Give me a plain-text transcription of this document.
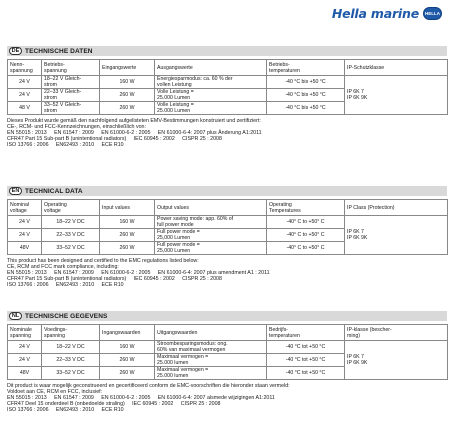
Hella marine	HELLA
DE TECHNISCHE DATEN
Nenn-
spannung	Betriebs-
spannung	Eingangswerte	Ausgangswerte	Betriebs-
temperaturen	IP-Schutzklasse
24 V	18–22 V Gleich-
strom	160 W	Energiesparmodus: ca. 60 % der
vollen Leistung	-40 °C bis +50 °C	IP 6K 7
IP 6K 9K
24 V	22–33 V Gleich-
strom	260 W	Volle Leistung =
25.000 Lumen	-40 °C bis +50 °C	
48 V	33–52 V Gleich-
strom	260 W	Volle Leistung =
25.000 Lumen	-40 °C bis +50 °C	
Dieses Produkt wurde gemäß den nachfolgend aufgelisteten EMV-Bestimmungen konstruiert und zertifiziert:
CE-, RCM- und FCC-Kennzeichnungen, einschließlich von:
EN 55015 : 2013     EN 61547 : 2009     EN 61000-6-2 : 2005     EN 61000-6-4: 2007 plus Änderung A1:2011
CFR47 Part 15 Sub-part B (unintentional radiators)     IEC 60945 : 2002     CISPR 25 : 2008
ISO 13766 : 2006     EN62493 : 2010     ECE R10
EN TECHNICAL DATA
Nominal
voltage	Operating
voltage	Input values	Output values	Operating
Temperatures	IP Class (Protection)
24 V	18–22 V DC	160 W	Power saving mode: app. 60% of
full power mode	-40° C to +50° C	IP 6K 7
IP 6K 9K
24 V	22–33 V DC	260 W	Full power mode =
25,000 Lumen	-40° C to +50° C	
48V	33–52 V DC	260 W	Full power mode =
25,000 Lumen	-40° C to +50° C	
This product has been designed and certified to the EMC regulations listed below:
CE, RCM and FCC mark compliance, including:
EN 55015 : 2013     EN 61547 : 2009     EN 61000-6-2 : 2005     EN 61000-6-4: 2007 plus amendment A1 : 2011
CFR47 Part 15 Sub-part B (unintentional radiators)     IEC 60945 : 2002     CISPR 25 : 2008
ISO 13766 : 2006     EN62493 : 2010     ECE R10
NL TECHNISCHE GEGEVENS
Nominale
spanning	Voedings-
spanning	Ingangswaarden	Uitgangswaarden	Bedrijfs-
temperaturen	IP-klasse (bescher-
ming)
24 V	18–22 V DC	160 W	Stroombesparingsmodus: ong.
60% van maximaal vermogen	-40 °C tot +50 °C	IP 6K 7
IP 6K 9K
24 V	22–33 V DC	260 W	Maximaal vermogen =
25.000 lumen	-40 °C tot +50 °C	
48V	33–52 V DC	260 W	Maximaal vermogen =
25.000 lumen	-40 °C tot +50 °C	
Dit product is waar mogelijk geconstrueerd en gecertificeerd conform de EMC-voorschriften die hieronder staan vermeld:
Voldoet aan CE, RCM en FCC, inclusief:
EN 55015 : 2013     EN 61547 : 2009     EN 61000-6-2 : 2005     EN 61000-6-4: 2007 alsmede wijzigingen A1:2011
CFR47 Deel 15 onderdeel B (onbedoelde straling)     IEC 60945 : 2002     CISPR 25 : 2008
ISO 13766 : 2006     EN62493 : 2010     ECE R10
